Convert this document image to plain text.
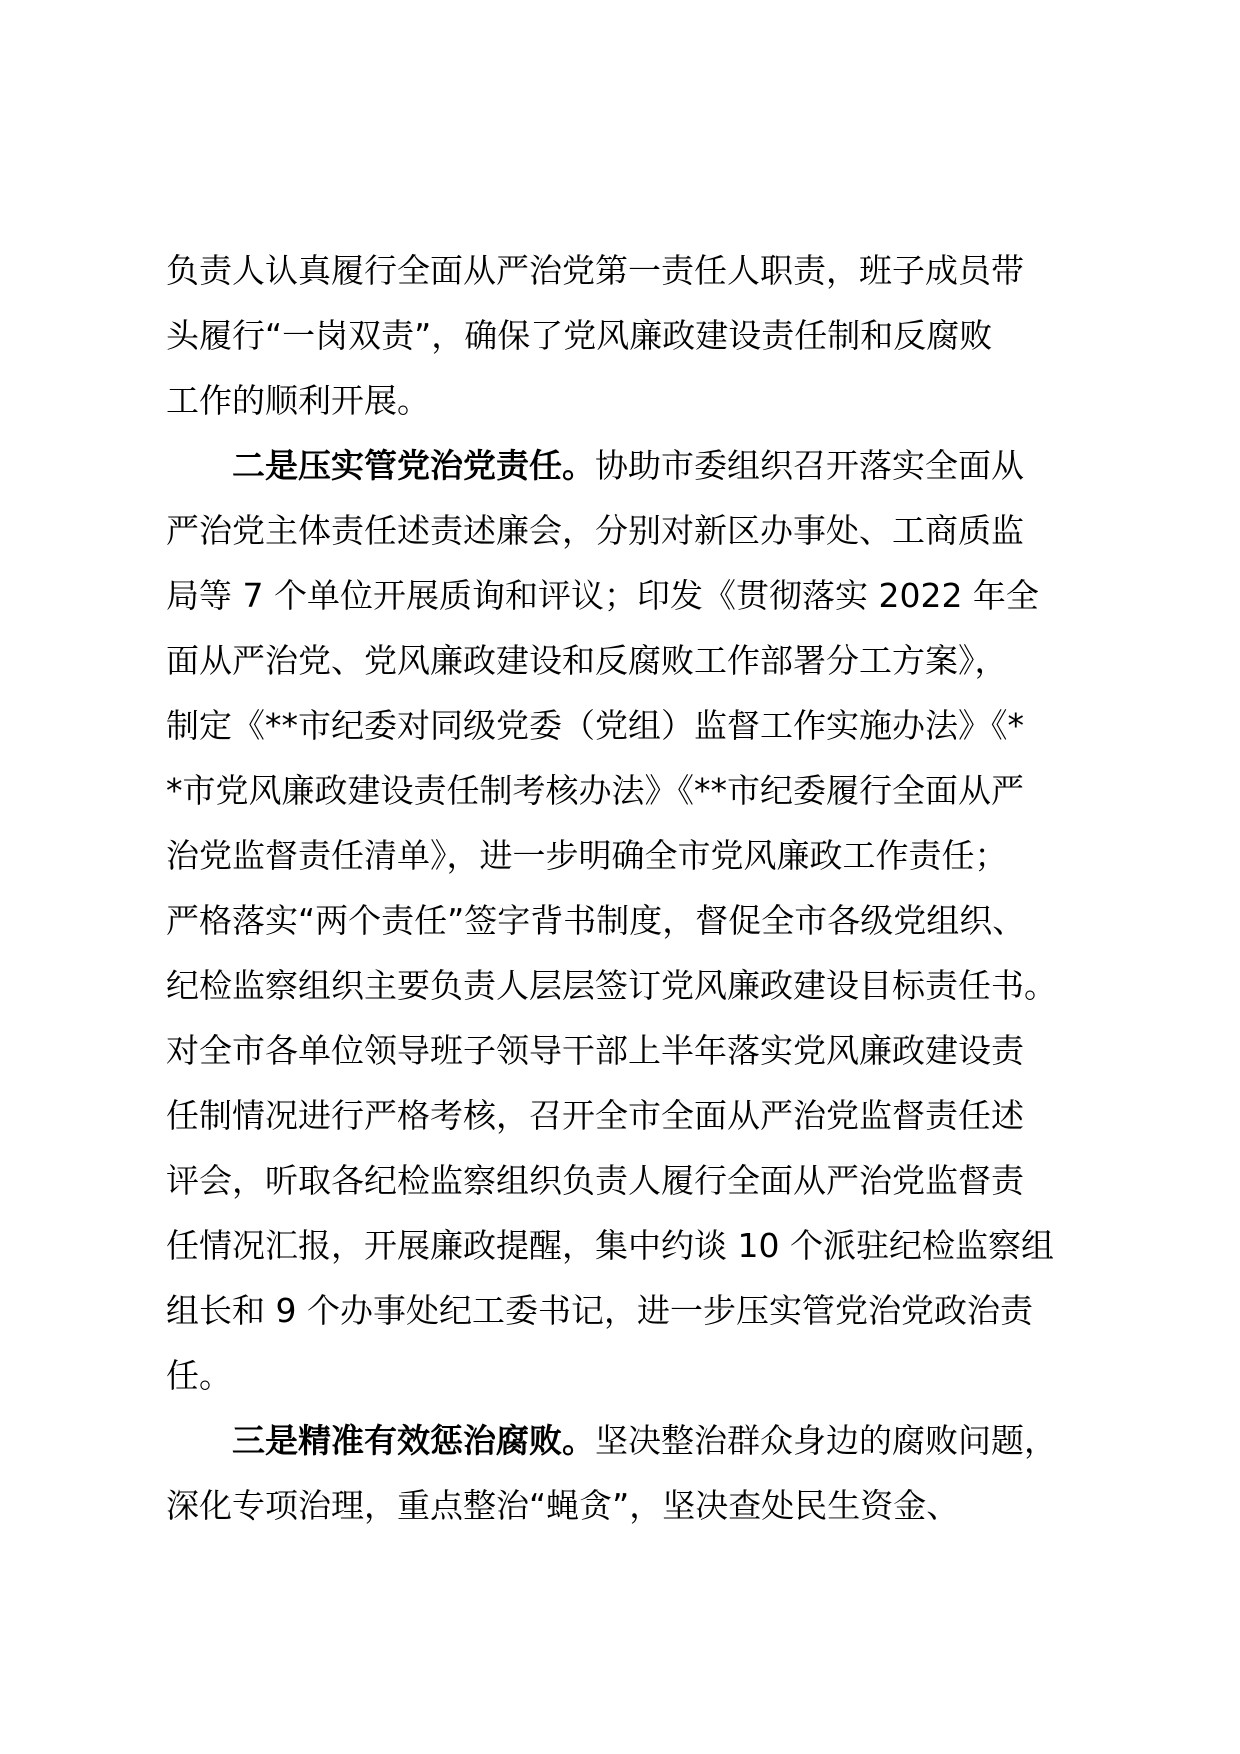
负责人认真履行全面从严治党第一责任人职责，班子成员带
头履行“一岗双责”，确保了党风廉政建设责任制和反腐败
工作的顺利开展。
二是压实管党治党责任。协助市委组织召开落实全面从
严治党主体责任述责述廉会，分别对新区办事处、工商质监
局等 7 个单位开展质询和评议；印发《贯彻落实 2022 年全
面从严治党、党风廉政建设和反腐败工作部署分工方案》，
制定《**市纪委对同级党委（党组）监督工作实施办法》《*
*市党风廉政建设责任制考核办法》《**市纪委履行全面从严
治党监督责任清单》，进一步明确全市党风廉政工作责任；
严格落实“两个责任”签字背书制度，督促全市各级党组织、
纪检监察组织主要负责人层层签订党风廉政建设目标责任书。
对全市各单位领导班子领导干部上半年落实党风廉政建设责
任制情况进行严格考核，召开全市全面从严治党监督责任述
评会，听取各纪检监察组织负责人履行全面从严治党监督责
任情况汇报，开展廉政提醒，集中约谈 10 个派驻纪检监察组
组长和 9 个办事处纪工委书记，进一步压实管党治党政治责
任。
三是精准有效惩治腐败。坚决整治群众身边的腐败问题，
深化专项治理，重点整治“蝇贪”，坚决查处民生资金、
